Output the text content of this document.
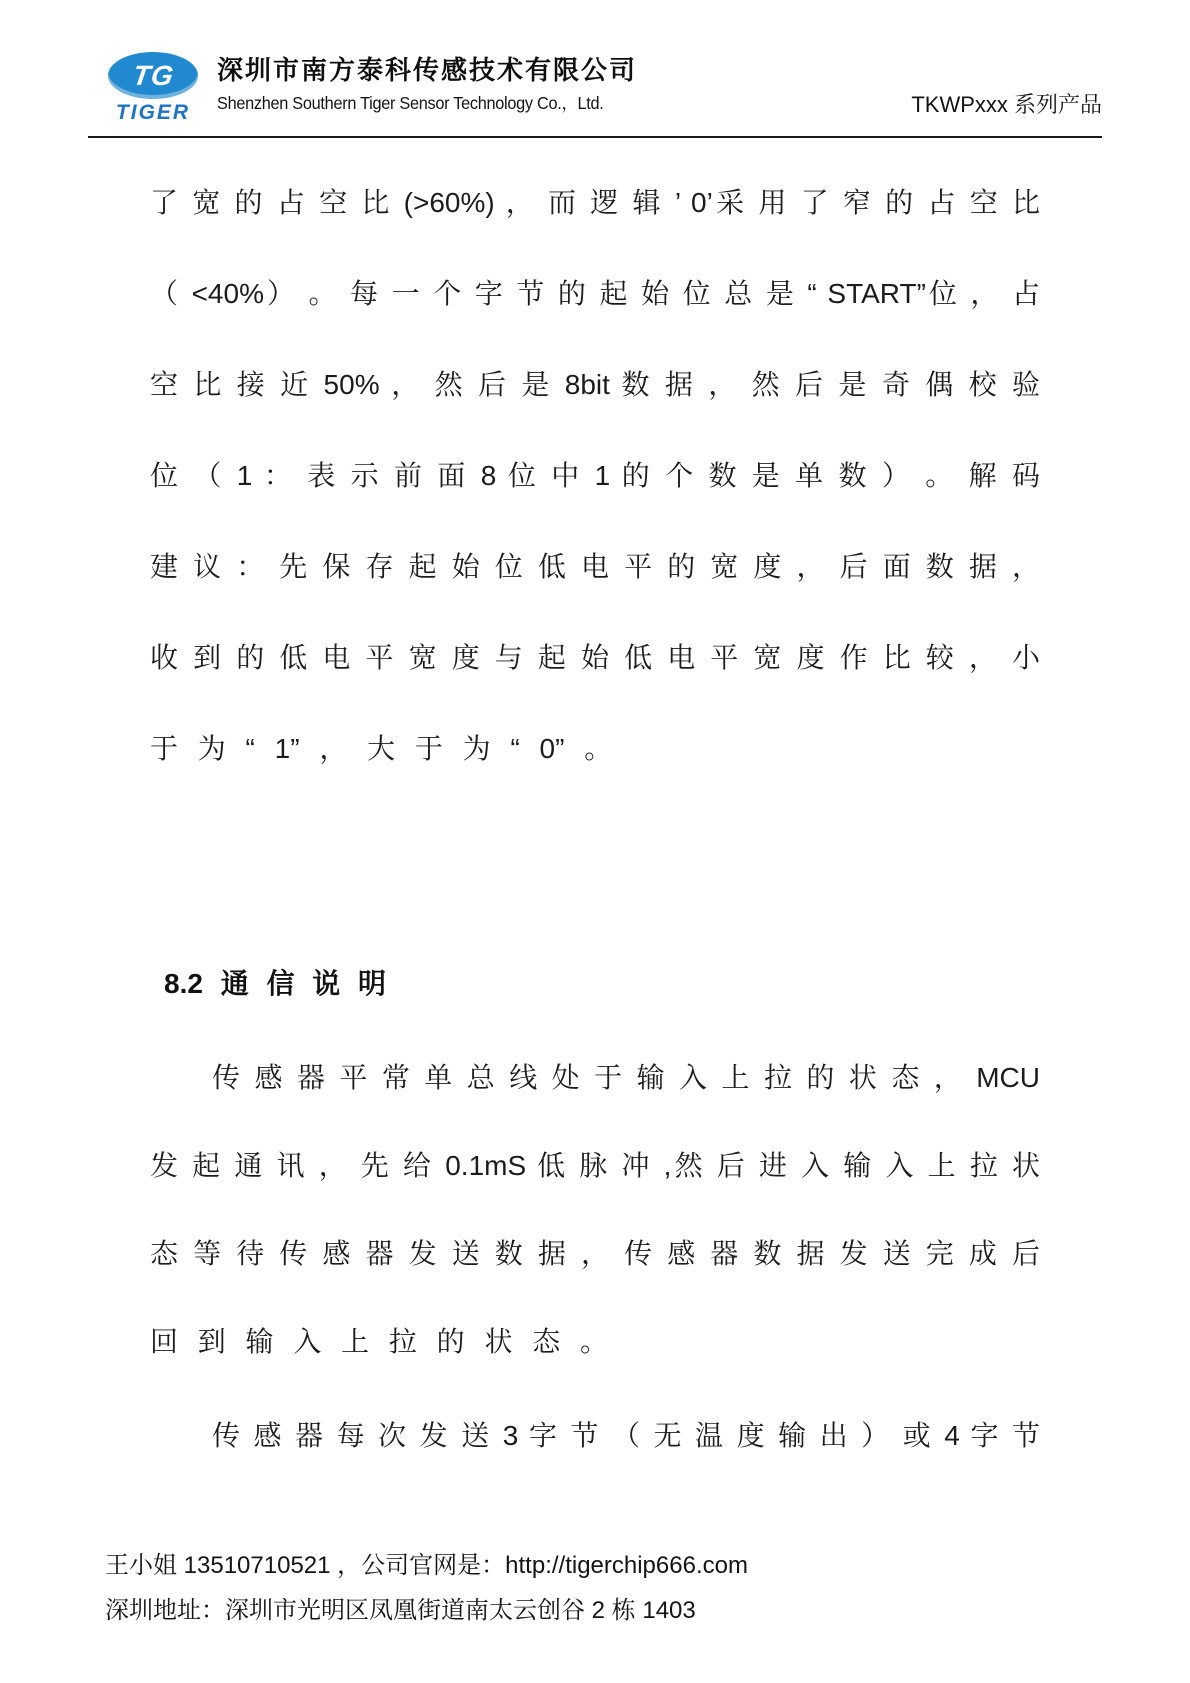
TG
TIGER
深圳市南方泰科传感技术有限公司
Shenzhen Southern Tiger Sensor Technology Co.，Ltd.	TKWPxxx 系列产品
了 宽 的 占 空 比 (>60%) ， 而 逻 辑 ’ 0’采 用 了 窄 的 占 空 比
（ <40%） 。 每 一 个 字 节 的 起 始 位 总 是 “ START”位 ， 占
空 比 接 近 50% ， 然 后 是 8bit 数 据 ， 然 后 是 奇 偶 校 验
位 （ 1 ： 表 示 前 面 8 位 中 1 的 个 数 是 单 数 ） 。 解 码
建 议 ： 先 保 存 起 始 位 低 电 平 的 宽 度 ， 后 面 数 据 ，
收 到 的 低 电 平 宽 度 与 起 始 低 电 平 宽 度 作 比 较 ， 小
于 为 “ 1” ， 大 于 为 “ 0” 。
8.2 通 信 说 明
传 感 器 平 常 单 总 线 处 于 输 入 上 拉 的 状 态 ， MCU
发 起 通 讯 ， 先 给 0.1mS 低 脉 冲 ,然 后 进 入 输 入 上 拉 状
态 等 待 传 感 器 发 送 数 据 ， 传 感 器 数 据 发 送 完 成 后
回 到 输 入 上 拉 的 状 态 。
传 感 器 每 次 发 送 3 字 节 （ 无 温 度 输 出 ） 或 4 字 节
王小姐 13510710521 ，公司官网是：http://tigerchip666.com
深圳地址：深圳市光明区凤凰街道南太云创谷 2 栋 1403
